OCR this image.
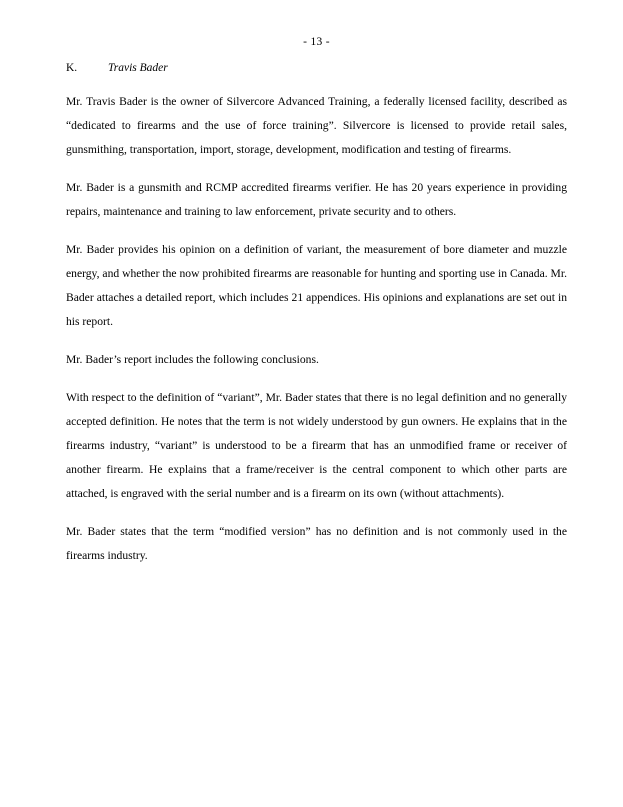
- 13 -
K.	Travis Bader

Mr. Travis Bader is the owner of Silvercore Advanced Training, a federally licensed facility, described as “dedicated to firearms and the use of force training”. Silvercore is licensed to provide retail sales, gunsmithing, transportation, import, storage, development, modification and testing of firearms.

Mr. Bader is a gunsmith and RCMP accredited firearms verifier. He has 20 years experience in providing repairs, maintenance and training to law enforcement, private security and to others.

Mr. Bader provides his opinion on a definition of variant, the measurement of bore diameter and muzzle energy, and whether the now prohibited firearms are reasonable for hunting and sporting use in Canada. Mr. Bader attaches a detailed report, which includes 21 appendices. His opinions and explanations are set out in his report.

Mr. Bader’s report includes the following conclusions.

With respect to the definition of “variant”, Mr. Bader states that there is no legal definition and no generally accepted definition. He notes that the term is not widely understood by gun owners. He explains that in the firearms industry, “variant” is understood to be a firearm that has an unmodified frame or receiver of another firearm. He explains that a frame/receiver is the central component to which other parts are attached, is engraved with the serial number and is a firearm on its own (without attachments).

Mr. Bader states that the term “modified version” has no definition and is not commonly used in the firearms industry.
